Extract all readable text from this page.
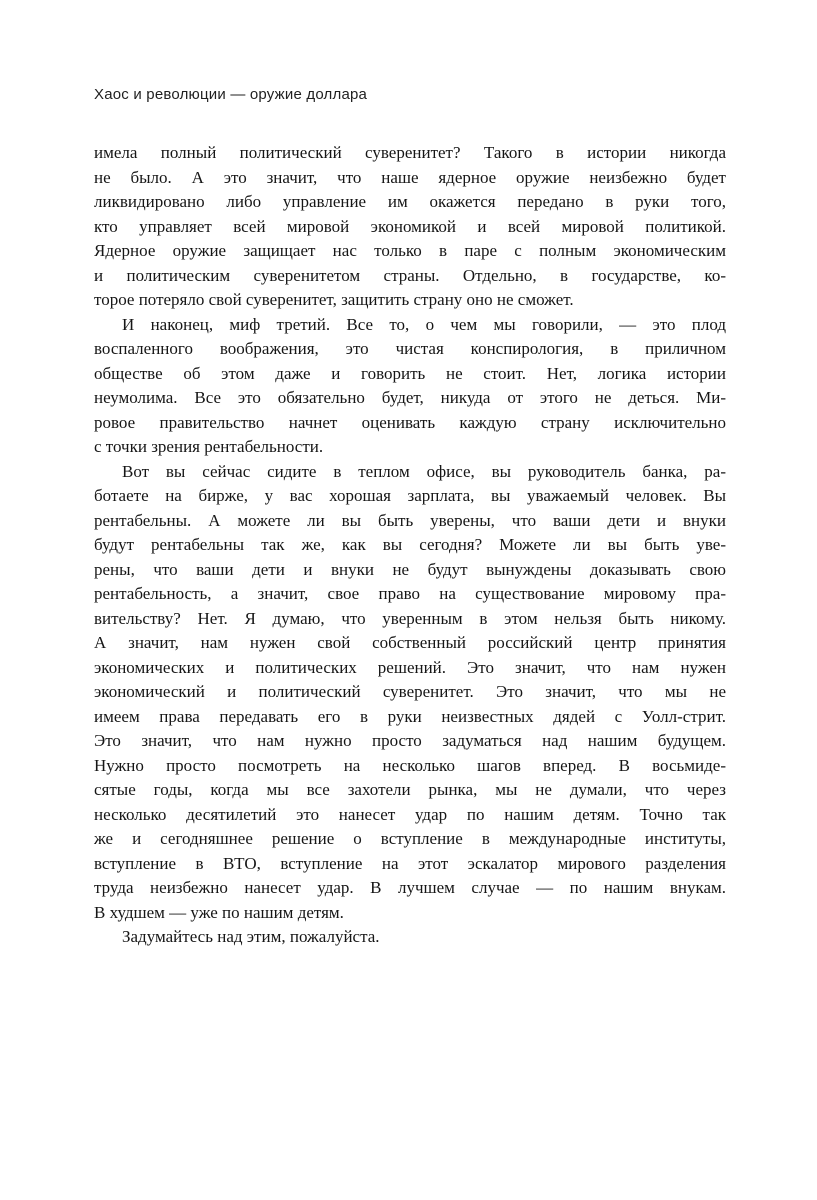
Хаос и революции — оружие доллара
имела полный политический суверенитет? Такого в истории никогда
не было. А это значит, что наше ядерное оружие неизбежно будет
ликвидировано либо управление им окажется передано в руки того,
кто управляет всей мировой экономикой и всей мировой политикой.
Ядерное оружие защищает нас только в паре с полным экономическим
и политическим суверенитетом страны. Отдельно, в государстве, ко-
торое потеряло свой суверенитет, защитить страну оно не сможет.
И наконец, миф третий. Все то, о чем мы говорили, — это плод
воспаленного воображения, это чистая конспирология, в приличном
обществе об этом даже и говорить не стоит. Нет, логика истории
неумолима. Все это обязательно будет, никуда от этого не деться. Ми-
ровое правительство начнет оценивать каждую страну исключительно
с точки зрения рентабельности.
Вот вы сейчас сидите в теплом офисе, вы руководитель банка, ра-
ботаете на бирже, у вас хорошая зарплата, вы уважаемый человек. Вы
рентабельны. А можете ли вы быть уверены, что ваши дети и внуки
будут рентабельны так же, как вы сегодня? Можете ли вы быть уве-
рены, что ваши дети и внуки не будут вынуждены доказывать свою
рентабельность, а значит, свое право на существование мировому пра-
вительству? Нет. Я думаю, что уверенным в этом нельзя быть никому.
А значит, нам нужен свой собственный российский центр принятия
экономических и политических решений. Это значит, что нам нужен
экономический и политический суверенитет. Это значит, что мы не
имеем права передавать его в руки неизвестных дядей с Уолл-стрит.
Это значит, что нам нужно просто задуматься над нашим будущем.
Нужно просто посмотреть на несколько шагов вперед. В восьмиде-
сятые годы, когда мы все захотели рынка, мы не думали, что через
несколько десятилетий это нанесет удар по нашим детям. Точно так
же и сегодняшнее решение о вступление в международные институты,
вступление в ВТО, вступление на этот эскалатор мирового разделения
труда неизбежно нанесет удар. В лучшем случае — по нашим внукам.
В худшем — уже по нашим детям.
Задумайтесь над этим, пожалуйста.
